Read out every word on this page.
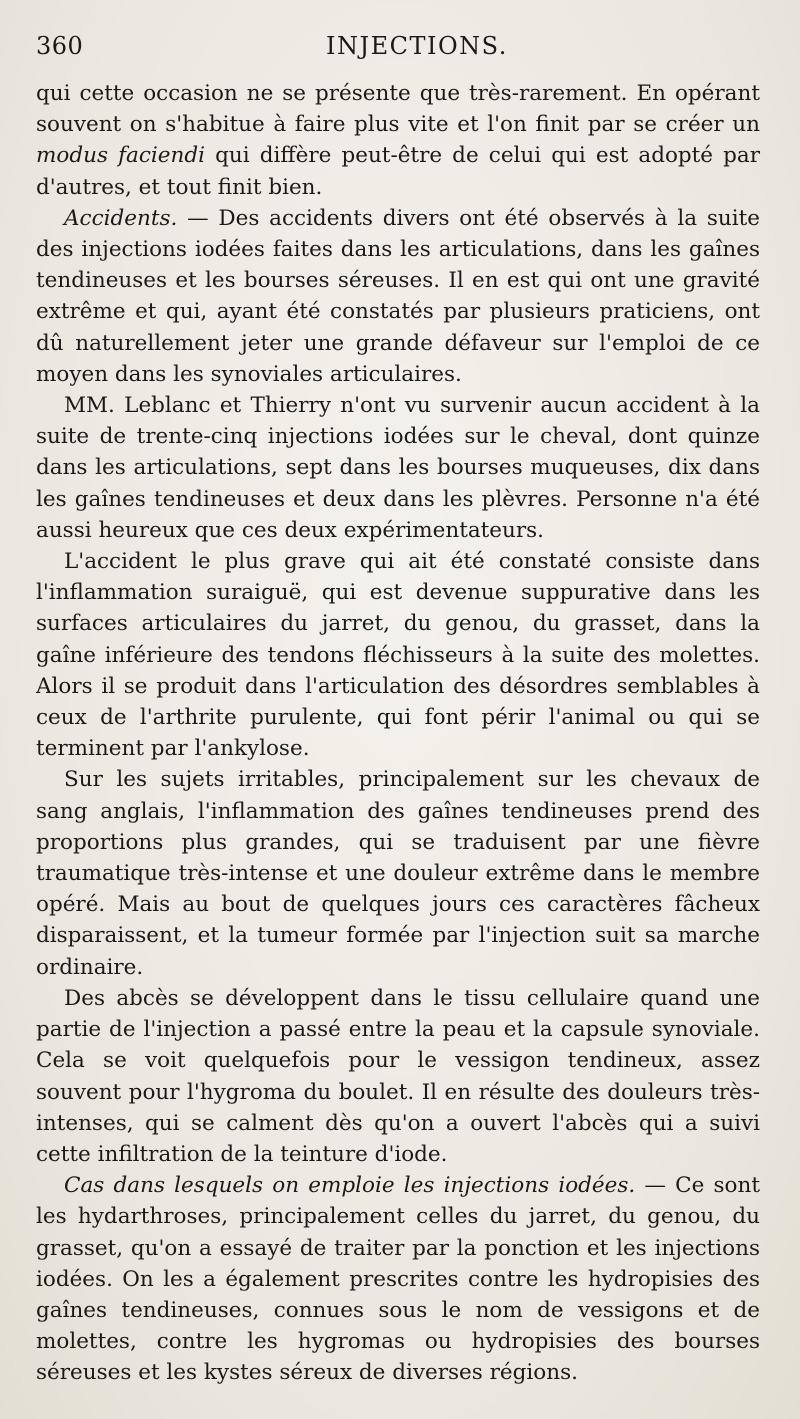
360	INJECTIONS.

qui cette occasion ne se présente que très-rarement. En opérant souvent on s'habitue à faire plus vite et l'on finit par se créer un modus faciendi qui diffère peut-être de celui qui est adopté par d'autres, et tout finit bien.

Accidents. — Des accidents divers ont été observés à la suite des injections iodées faites dans les articulations, dans les gaînes tendineuses et les bourses séreuses. Il en est qui ont une gravité extrême et qui, ayant été constatés par plusieurs praticiens, ont dû naturellement jeter une grande défaveur sur l'emploi de ce moyen dans les synoviales articulaires.

MM. Leblanc et Thierry n'ont vu survenir aucun accident à la suite de trente-cinq injections iodées sur le cheval, dont quinze dans les articulations, sept dans les bourses muqueuses, dix dans les gaînes tendineuses et deux dans les plèvres. Personne n'a été aussi heureux que ces deux expérimentateurs.

L'accident le plus grave qui ait été constaté consiste dans l'inflammation suraiguë, qui est devenue suppurative dans les surfaces articulaires du jarret, du genou, du grasset, dans la gaîne inférieure des tendons fléchisseurs à la suite des molettes. Alors il se produit dans l'articulation des désordres semblables à ceux de l'arthrite purulente, qui font périr l'animal ou qui se terminent par l'ankylose.

Sur les sujets irritables, principalement sur les chevaux de sang anglais, l'inflammation des gaînes tendineuses prend des proportions plus grandes, qui se traduisent par une fièvre traumatique très-intense et une douleur extrême dans le membre opéré. Mais au bout de quelques jours ces caractères fâcheux disparaissent, et la tumeur formée par l'injection suit sa marche ordinaire.

Des abcès se développent dans le tissu cellulaire quand une partie de l'injection a passé entre la peau et la capsule synoviale. Cela se voit quelquefois pour le vessigon tendineux, assez souvent pour l'hygroma du boulet. Il en résulte des douleurs très-intenses, qui se calment dès qu'on a ouvert l'abcès qui a suivi cette infiltration de la teinture d'iode.

Cas dans lesquels on emploie les injections iodées. — Ce sont les hydarthroses, principalement celles du jarret, du genou, du grasset, qu'on a essayé de traiter par la ponction et les injections iodées. On les a également prescrites contre les hydropisies des gaînes tendineuses, connues sous le nom de vessigons et de molettes, contre les hygromas ou hydropisies des bourses séreuses et les kystes séreux de diverses régions.
